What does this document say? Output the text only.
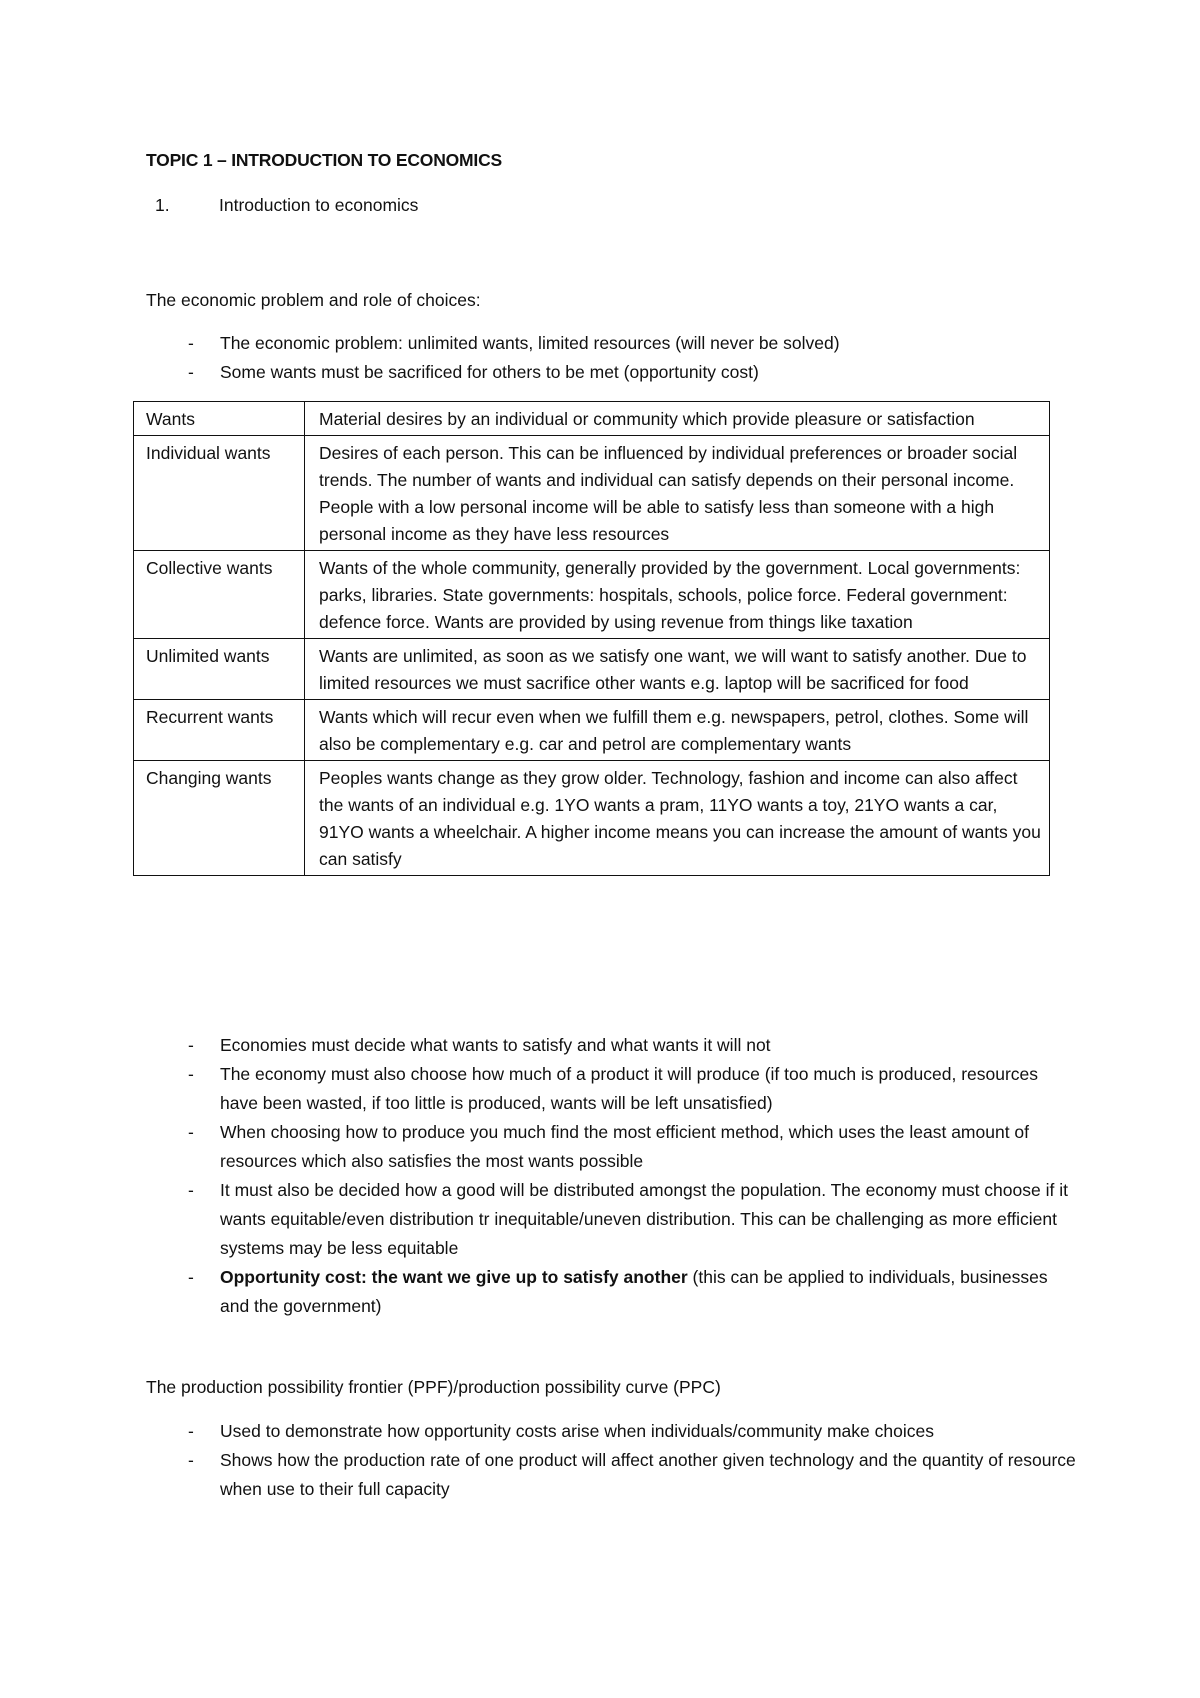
TOPIC 1 – INTRODUCTION TO ECONOMICS
1.	Introduction to economics
The economic problem and role of choices:
- The economic problem: unlimited wants, limited resources (will never be solved)
- Some wants must be sacrificed for others to be met (opportunity cost)
Wants	Material desires by an individual or community which provide pleasure or satisfaction
Individual wants	Desires of each person. This can be influenced by individual preferences or broader social trends. The number of wants and individual can satisfy depends on their personal income. People with a low personal income will be able to satisfy less than someone with a high personal income as they have less resources
Collective wants	Wants of the whole community, generally provided by the government. Local governments: parks, libraries. State governments: hospitals, schools, police force. Federal government: defence force. Wants are provided by using revenue from things like taxation
Unlimited wants	Wants are unlimited, as soon as we satisfy one want, we will want to satisfy another. Due to limited resources we must sacrifice other wants e.g. laptop will be sacrificed for food
Recurrent wants	Wants which will recur even when we fulfill them e.g. newspapers, petrol, clothes. Some will also be complementary e.g. car and petrol are complementary wants
Changing wants	Peoples wants change as they grow older. Technology, fashion and income can also affect the wants of an individual e.g. 1YO wants a pram, 11YO wants a toy, 21YO wants a car, 91YO wants a wheelchair. A higher income means you can increase the amount of wants you can satisfy
- Economies must decide what wants to satisfy and what wants it will not
- The economy must also choose how much of a product it will produce (if too much is produced, resources have been wasted, if too little is produced, wants will be left unsatisfied)
- When choosing how to produce you much find the most efficient method, which uses the least amount of resources which also satisfies the most wants possible
- It must also be decided how a good will be distributed amongst the population. The economy must choose if it wants equitable/even distribution tr inequitable/uneven distribution. This can be challenging as more efficient systems may be less equitable
- Opportunity cost: the want we give up to satisfy another (this can be applied to individuals, businesses and the government)
The production possibility frontier (PPF)/production possibility curve (PPC)
- Used to demonstrate how opportunity costs arise when individuals/community make choices
- Shows how the production rate of one product will affect another given technology and the quantity of resource when use to their full capacity
